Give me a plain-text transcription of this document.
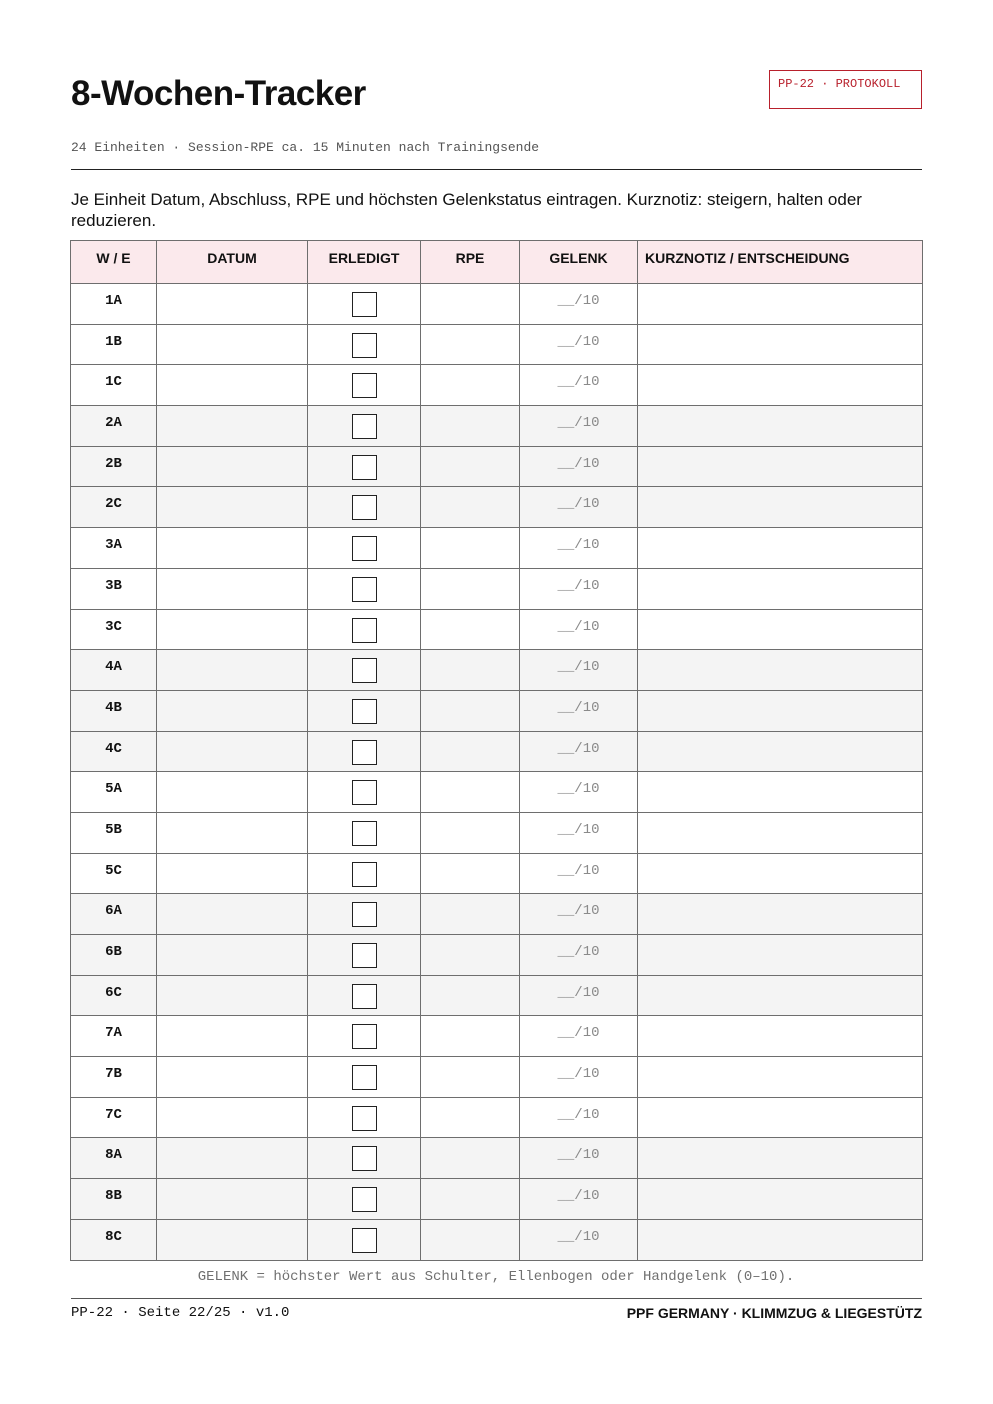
8-Wochen-Tracker	PP-22 · PROTOKOLL
24 Einheiten · Session-RPE ca. 15 Minuten nach Trainingsende
Je Einheit Datum, Abschluss, RPE und höchsten Gelenkstatus eintragen. Kurznotiz: steigern, halten oder reduzieren.
W / E	DATUM	ERLEDIGT	RPE	GELENK	KURZNOTIZ / ENTSCHEIDUNG
1A				__/10	
1B				__/10	
1C				__/10	
2A				__/10	
2B				__/10	
2C				__/10	
3A				__/10	
3B				__/10	
3C				__/10	
4A				__/10	
4B				__/10	
4C				__/10	
5A				__/10	
5B				__/10	
5C				__/10	
6A				__/10	
6B				__/10	
6C				__/10	
7A				__/10	
7B				__/10	
7C				__/10	
8A				__/10	
8B				__/10	
8C				__/10	
GELENK = höchster Wert aus Schulter, Ellenbogen oder Handgelenk (0–10).
PP-22 · Seite 22/25 · v1.0	PPF GERMANY · KLIMMZUG & LIEGESTÜTZ
